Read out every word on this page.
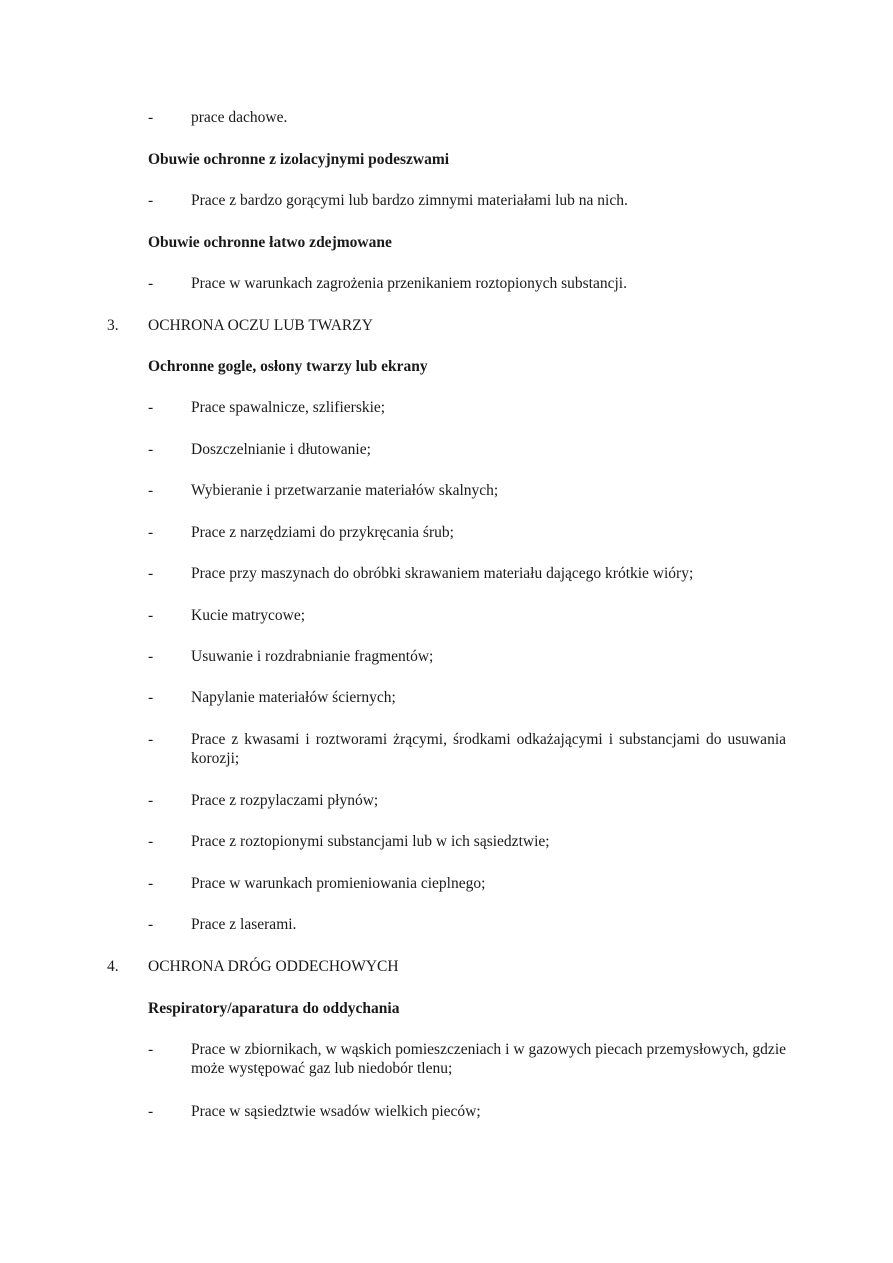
- prace dachowe.
Obuwie ochronne z izolacyjnymi podeszwami
- Prace z bardzo gorącymi lub bardzo zimnymi materiałami lub na nich.
Obuwie ochronne łatwo zdejmowane
- Prace w warunkach zagrożenia przenikaniem roztopionych substancji.
3. OCHRONA OCZU LUB TWARZY
Ochronne gogle, osłony twarzy lub ekrany
- Prace spawalnicze, szlifierskie;
- Doszczelnianie i dłutowanie;
- Wybieranie i przetwarzanie materiałów skalnych;
- Prace z narzędziami do przykręcania śrub;
- Prace przy maszynach do obróbki skrawaniem materiału dającego krótkie wióry;
- Kucie matrycowe;
- Usuwanie i rozdrabnianie fragmentów;
- Napylanie materiałów ściernych;
- Prace z kwasami i roztworami żrącymi, środkami odkażającymi i substancjami do usuwania korozji;
- Prace z rozpylaczami płynów;
- Prace z roztopionymi substancjami lub w ich sąsiedztwie;
- Prace w warunkach promieniowania cieplnego;
- Prace z laserami.
4. OCHRONA DRÓG ODDECHOWYCH
Respiratory/aparatura do oddychania
- Prace w zbiornikach, w wąskich pomieszczeniach i w gazowych piecach przemysłowych, gdzie może występować gaz lub niedobór tlenu;
- Prace w sąsiedztwie wsadów wielkich pieców;
